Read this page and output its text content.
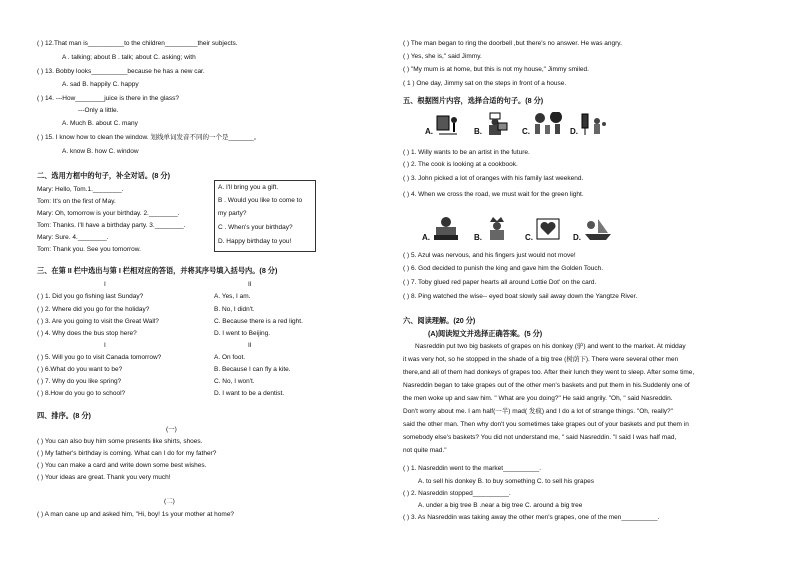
( ) 12.That man is__________to the children_________their subjects.
A . talking; about B . talk; about C. asking; with
( ) 13. Bobby looks__________because he has a new car.
A. sad B. happily C. happy
( ) 14. ---How________juice is there in the glass?
---Only a little.
A. Much B. about C. many
( ) 15. I know how to clean the window. 划线单词发音不同的一个是_______。
A. know B. how C. window
二、选用方框中的句子，补全对话。(8 分)
Mary: Hello, Tom.1.________.
Tom: It's on the first of May.
Mary: Oh, tomorrow is your birthday. 2.________.
Tom: Thanks. I'll have a birthday party. 3.________.
Mary: Sure. 4.________.
Tom: Thank you. See you tomorrow.
A. I'll bring you a gift.
B . Would you like to come to
my party?
C . When's your birthday?
D. Happy birthday to you!
三、在第 II 栏中选出与第 I 栏相对应的答语，并将其序号填入括号内。(8 分)
I	II
( ) 1. Did you go fishing last Sunday?
( ) 2. Where did you go for the holiday?
( ) 3. Are you going to visit the Great Wall?
( ) 4. Why does the bus stop here?
A. Yes, I am.
B. No, I didn't.
C. Because there is a red light.
D. I went to Beijing.
I	II
( ) 5. Will you go to visit Canada tomorrow?
( ) 6.What do you want to be?
( ) 7. Why do you like spring?
( ) 8.How do you go to school?
A. On foot.
B. Because I can fly a kite.
C. No, I won't.
D. I want to be a dentist.
四、排序。(8 分)
(一)
( ) You can also buy him some presents like shirts, shoes.
( ) My father's birthday is coming. What can I do for my father?
( ) You can make a card and write down some best wishes.
( ) Your ideas are great. Thank you very much!
(二)
( ) A man cane up and asked him, "Hi, boy! 1s your mother at home?
( ) The man began to ring the doorbell ,but there's no answer. He was angry.
( ) Yes, she is," said Jimmy.
( ) "My mum is at home, but this is not my house," Jimmy smiled.
( 1 ) One day, Jimmy sat on the steps in front of a house.
五、根据图片内容，选择合适的句子。(8 分)
A.	B.	C.	D.
( ) 1. Willy wants to be an artist in the future.
( ) 2. The cook is looking at a cookbook.
( ) 3. John picked a lot of oranges with his family last weekend.
( ) 4. When we cross the road, we must wait for the green light.
A.	B.	C.	D.
( ) 5. Azul was nervous, and his fingers just would not move!
( ) 6. God decided to punish the king and gave him the Golden Touch.
( ) 7. Toby glued red paper hearts all around Lottie Dot' on the card.
( ) 8. Ping watched the wise-- eyed boat slowly sail away down the Yangtze River.
六、阅读理解。(20 分)
(A)阅读短文并选择正确答案。(5 分)
Nasreddin put two big baskets of grapes on his donkey (驴) and went to the market. At midday
it was very hot, so he stopped in the shade of a big tree (树荫下). There were several other men
there,and all of them had donkeys of grapes too. After their lunch they went to sleep. After some time,
Nasreddin began to take grapes out of the other men's baskets and put them in his.Suddenly one of
the men woke up and saw him. " What are you doing?" He said angrily. "Oh, " said Nasreddin.
Don't worry about me. I am half(一半) mad( 发疯) and I do a lot of strange things. "Oh, really?"
said the other man. Then why don't you sometimes take grapes out of your baskets and put them in
somebody else's baskets? You did not understand me, " said Nasreddin. "I said I was half mad,
not quite mad."
( ) 1. Nasreddin went to the market__________.
A. to sell his donkey B. to buy something C. to sell his grapes
( ) 2. Nasreddin stopped__________.
A. under a big tree B .near a big tree C. around a big tree
( ) 3. As Nasreddin was taking away the other men's grapes, one of the men__________.
